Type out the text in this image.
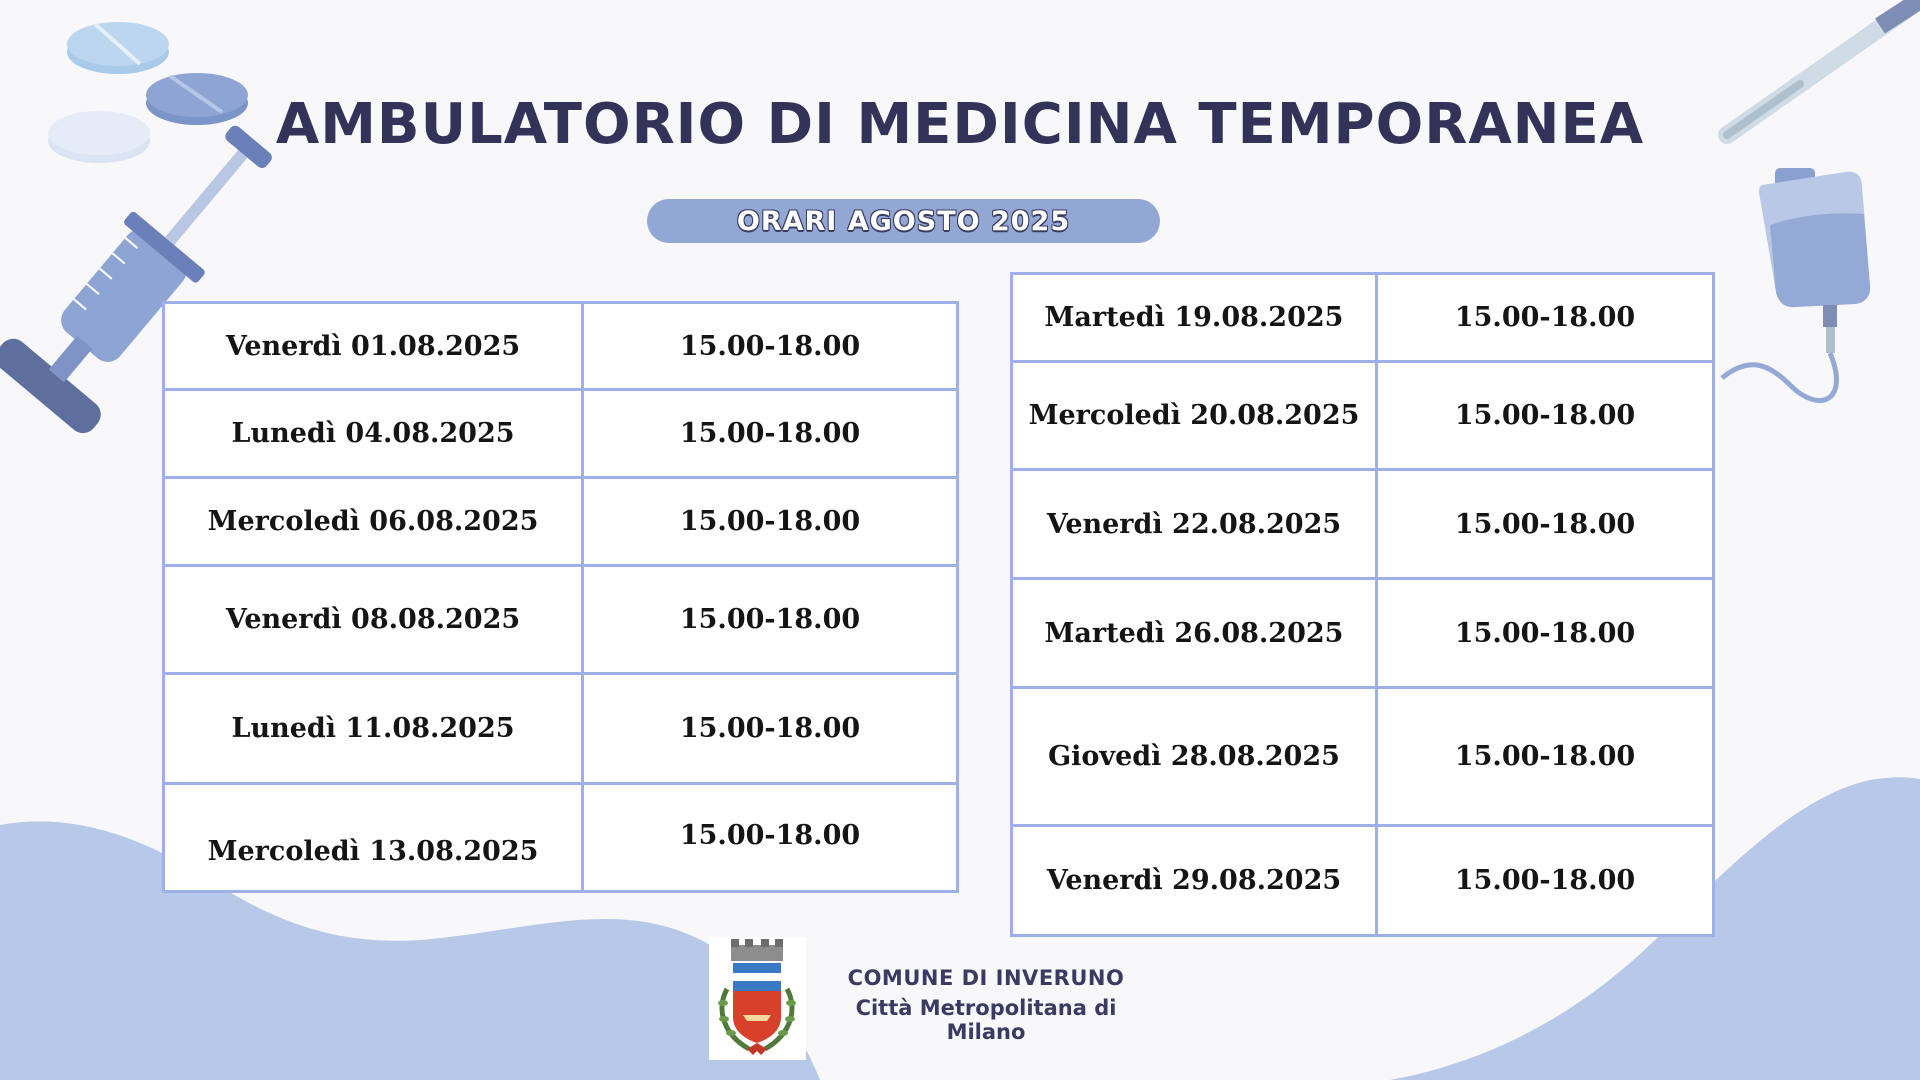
AMBULATORIO DI MEDICINA TEMPORANEA
ORARI AGOSTO 2025
Venerdì 01.08.2025	15.00-18.00
Lunedì 04.08.2025	15.00-18.00
Mercoledì 06.08.2025	15.00-18.00
Venerdì 08.08.2025	15.00-18.00
Lunedì 11.08.2025	15.00-18.00
Mercoledì 13.08.2025	15.00-18.00
Martedì 19.08.2025	15.00-18.00
Mercoledì 20.08.2025	15.00-18.00
Venerdì 22.08.2025	15.00-18.00
Martedì 26.08.2025	15.00-18.00
Giovedì 28.08.2025	15.00-18.00
Venerdì 29.08.2025	15.00-18.00
COMUNE DI INVERUNO
Città Metropolitana di Milano
